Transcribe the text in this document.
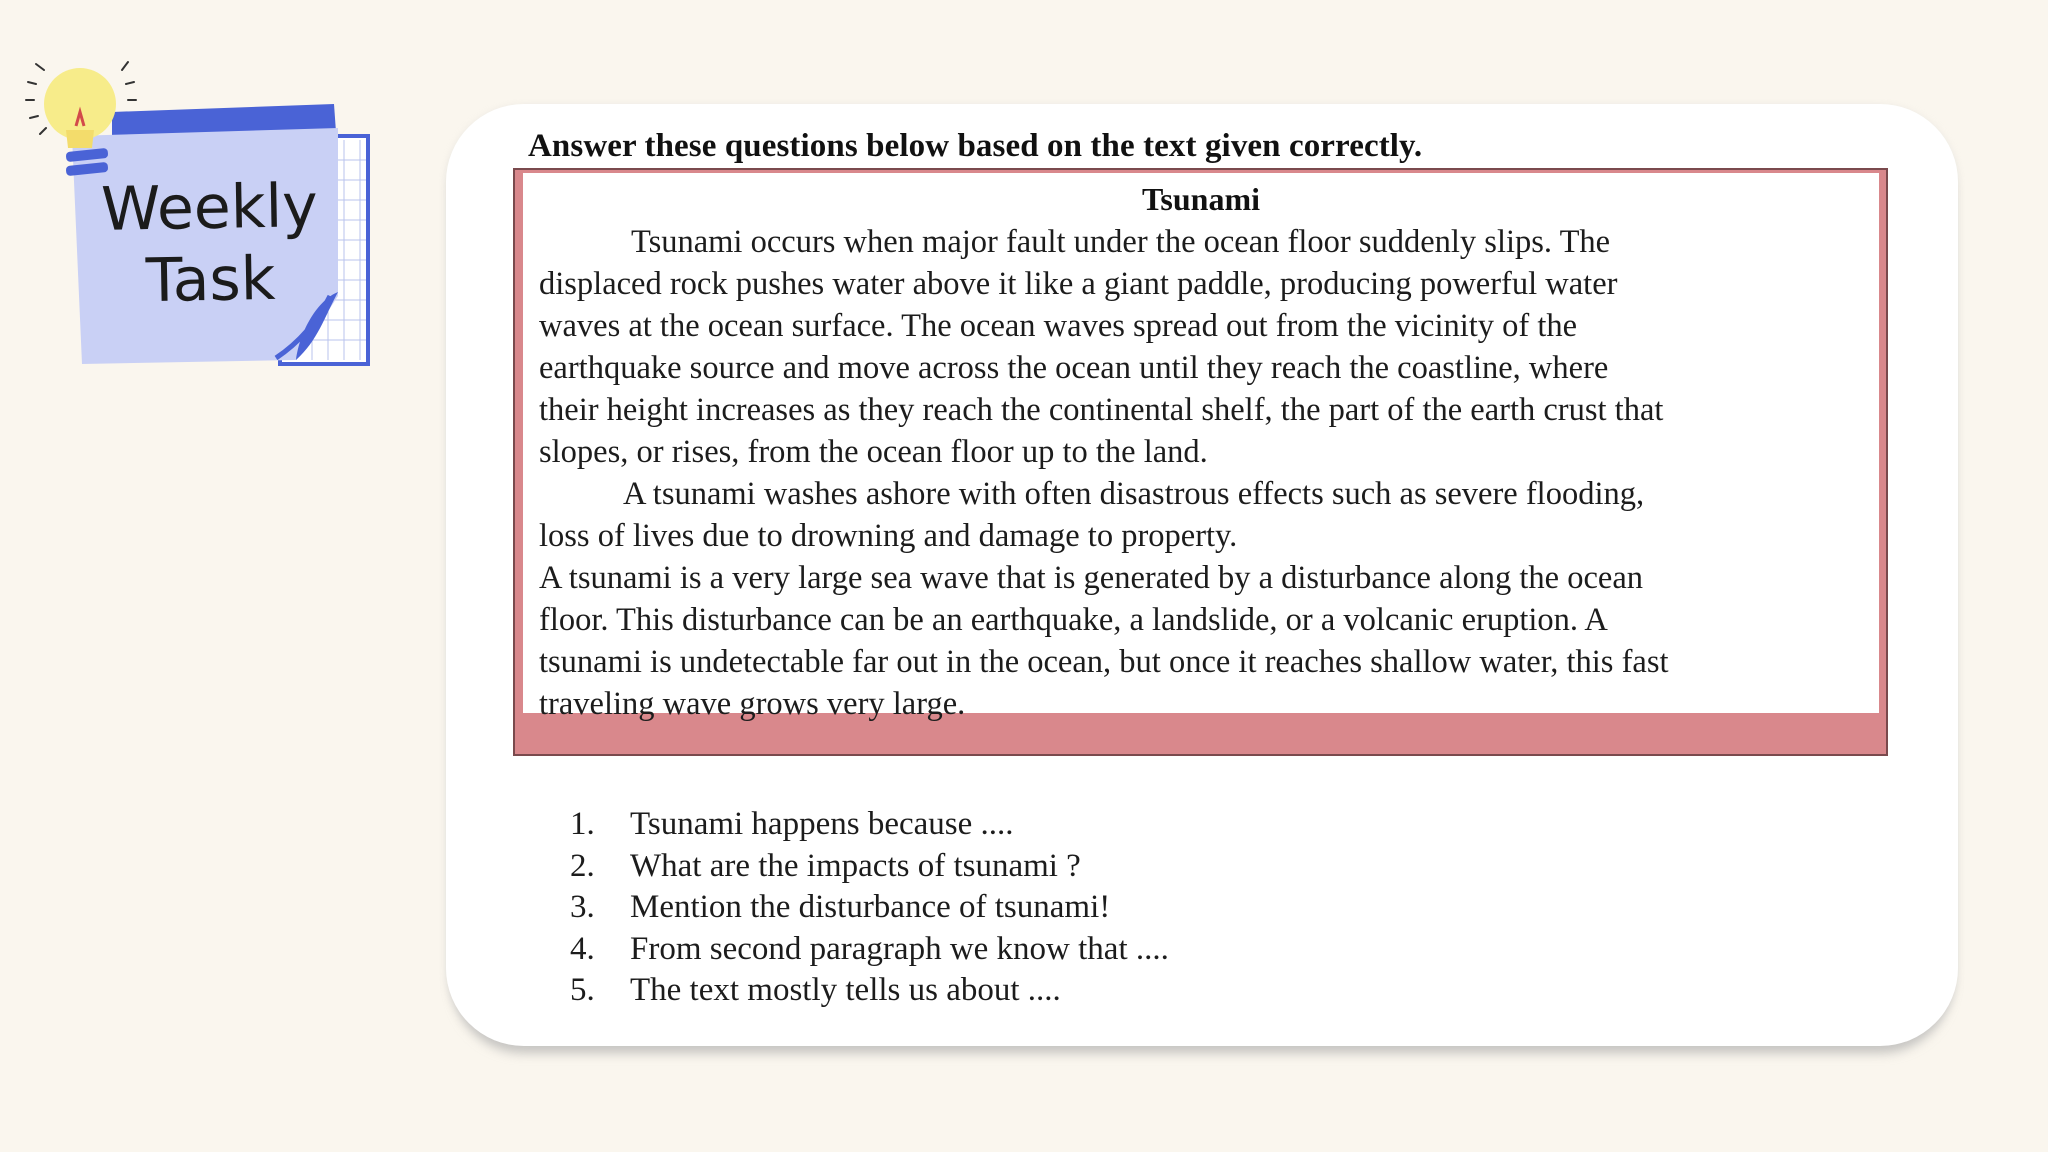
Weekly
Task
Answer these questions below based on the text given correctly.
Tsunami
Tsunami occurs when major fault under the ocean floor suddenly slips. The
displaced rock pushes water above it like a giant paddle, producing powerful water
waves at the ocean surface. The ocean waves spread out from the vicinity of the
earthquake source and move across the ocean until they reach the coastline, where
their height increases as they reach the continental shelf, the part of the earth crust that
slopes, or rises, from the ocean floor up to the land.
A tsunami washes ashore with often disastrous effects such as severe flooding,
loss of lives due to drowning and damage to property.
A tsunami is a very large sea wave that is generated by a disturbance along the ocean
floor. This disturbance can be an earthquake, a landslide, or a volcanic eruption. A
tsunami is undetectable far out in the ocean, but once it reaches shallow water, this fast
traveling wave grows very large.
1.	Tsunami happens because ....
2.	What are the impacts of tsunami ?
3.	Mention the disturbance of tsunami!
4.	From second paragraph we know that ....
5.	The text mostly tells us about ....
